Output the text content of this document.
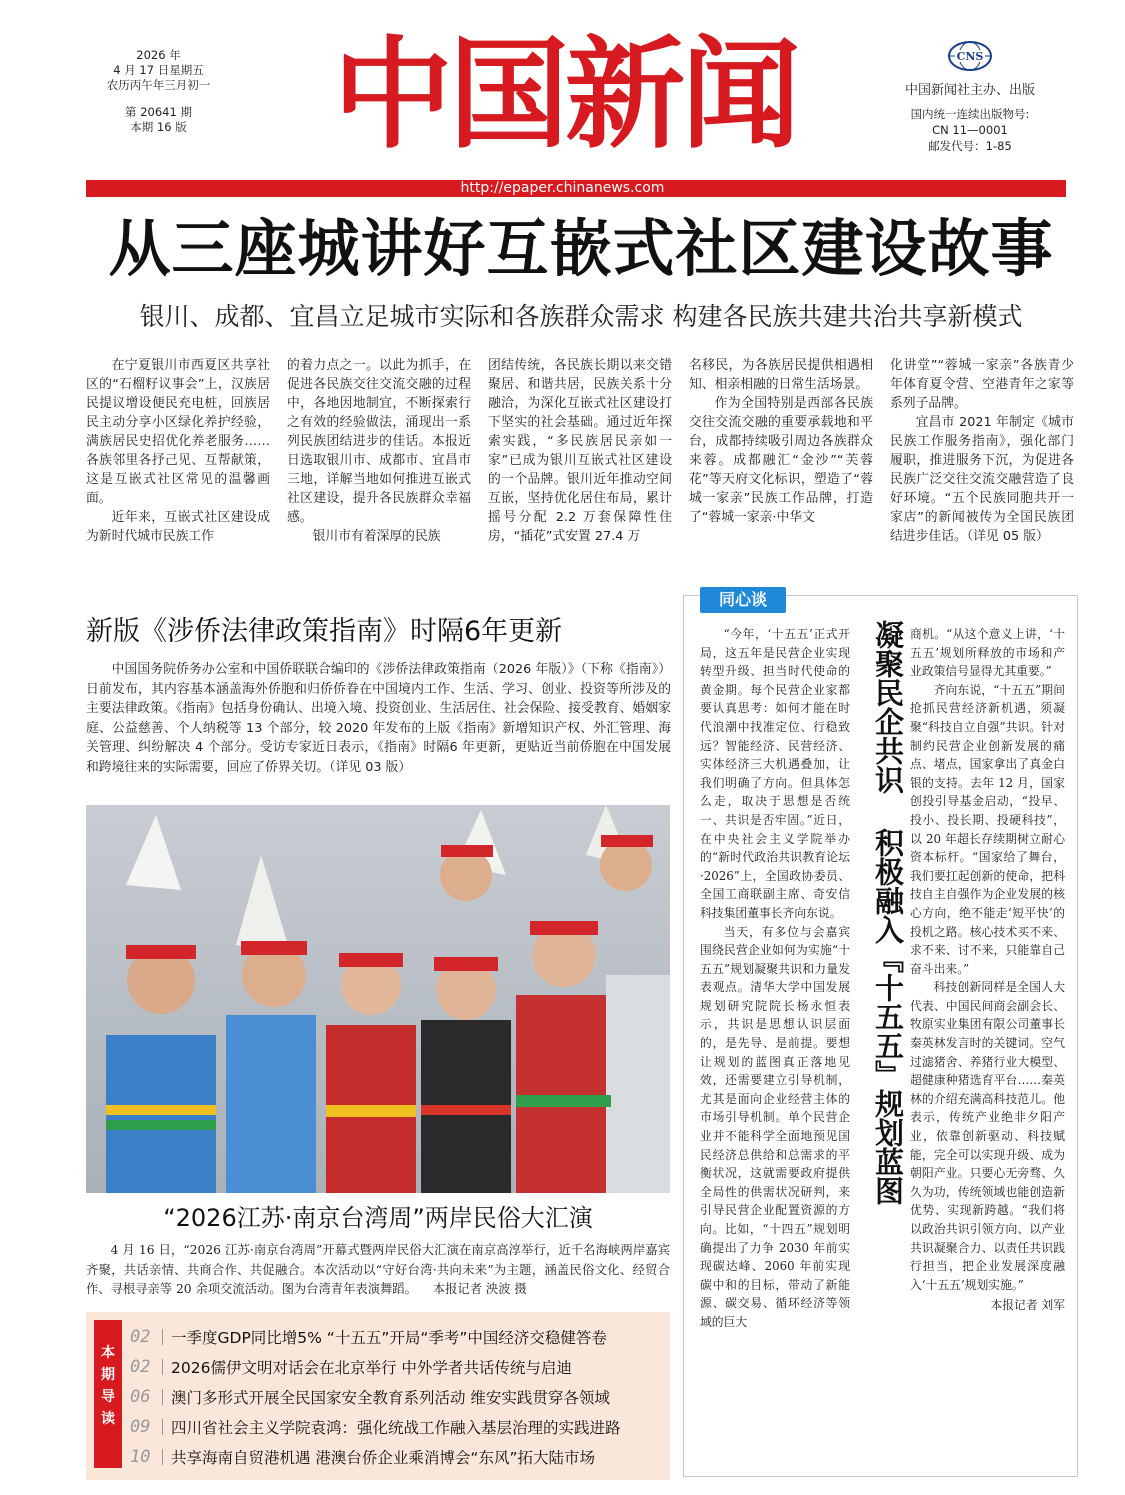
2026 年
4 月 17 日星期五
农历丙午年三月初一
第 20641 期
本期 16 版	中国新闻	CNS
中国新闻社主办、出版
国内统一连续出版物号:
CN 11—0001
邮发代号：1-85
http://epaper.chinanews.com
从三座城讲好互嵌式社区建设故事
银川、成都、宜昌立足城市实际和各族群众需求 构建各民族共建共治共享新模式

在宁夏银川市西夏区共享社区的“石榴籽议事会”上，汉族居民提议增设便民充电桩，回族居民主动分享小区绿化养护经验，满族居民史招优化养老服务……各族邻里各抒己见、互帮献策，这是互嵌式社区常见的温馨画面。

近年来，互嵌式社区建设成为新时代城市民族工作

的着力点之一。以此为抓手，在促进各民族交往交流交融的过程中，各地因地制宜，不断探索行之有效的经验做法，涌现出一系列民族团结进步的佳话。本报近日选取银川市、成都市、宜昌市三地，详解当地如何推进互嵌式社区建设，提升各民族群众幸福感。

银川市有着深厚的民族

团结传统，各民族长期以来交错聚居、和谐共居，民族关系十分融洽，为深化互嵌式社区建设打下坚实的社会基础。通过近年探索实践，“多民族居民亲如一家”已成为银川互嵌式社区建设的一个品牌。银川近年推动空间互嵌，坚持优化居住布局，累计摇号分配 2.2 万套保障性住房，“插花”式安置 27.4 万

名移民，为各族居民提供相遇相知、相亲相融的日常生活场景。

作为全国特别是西部各民族交往交流交融的重要承载地和平台，成都持续吸引周边各族群众来蓉。成都融汇“金沙”“芙蓉花”等天府文化标识，塑造了“蓉城一家亲”民族工作品牌，打造了“蓉城一家亲·中华文

化讲堂”“蓉城一家亲”各族青少年体育夏令营、空港青年之家等系列子品牌。

宜昌市 2021 年制定《城市民族工作服务指南》，强化部门履职，推进服务下沉，为促进各民族广泛交往交流交融营造了良好环境。“五个民族同胞共开一家店”的新闻被传为全国民族团结进步佳话。（详见 05 版）

新版《涉侨法律政策指南》时隔6年更新
中国国务院侨务办公室和中国侨联联合编印的《涉侨法律政策指南（2026 年版）》（下称《指南》）日前发布，其内容基本涵盖海外侨胞和归侨侨眷在中国境内工作、生活、学习、创业、投资等所涉及的主要法律政策。《指南》包括身份确认、出境入境、投资创业、生活居住、社会保险、接受教育、婚姻家庭、公益慈善、个人纳税等 13 个部分，较 2020 年发布的上版《指南》新增知识产权、外汇管理、海关管理、纠纷解决 4 个部分。受访专家近日表示，《指南》时隔6 年更新，更贴近当前侨胞在中国发展和跨境往来的实际需要，回应了侨界关切。（详见 03 版）
“2026江苏·南京台湾周”两岸民俗大汇演
4 月 16 日，“2026 江苏·南京台湾周”开幕式暨两岸民俗大汇演在南京高淳举行，近千名海峡两岸嘉宾齐聚，共话亲情、共商合作、共促融合。本次活动以“守好台湾·共向未来”为主题，涵盖民俗文化、经贸合作、寻根寻亲等 20 余项交流活动。图为台湾青年表演舞蹈。 本报记者 泱波 摄
本
期
导
读
02	一季度GDP同比增5% “十五五”开局“季考”中国经济交稳健答卷
02	2026儒伊文明对话会在北京举行 中外学者共话传统与启迪
06	澳门多形式开展全民国家安全教育系列活动 维安实践贯穿各领域
09	四川省社会主义学院袁鸿：强化统战工作融入基层治理的实践进路
10	共享海南自贸港机遇 港澳台侨企业乘消博会“东风”拓大陆市场
同心谈

“今年，‘十五五’正式开局，这五年是民营企业实现转型升级、担当时代使命的黄金期。每个民营企业家都要认真思考：如何才能在时代浪潮中找准定位、行稳致远？智能经济、民营经济、实体经济三大机遇叠加，让我们明确了方向。但具体怎么走，取决于思想是否统一、共识是否牢固。”近日，在中央社会主义学院举办的“新时代政治共识教育论坛·2026”上，全国政协委员、全国工商联副主席、奇安信科技集团董事长齐向东说。

当天，有多位与会嘉宾围绕民营企业如何为实施“十五五”规划凝聚共识和力量发表观点。清华大学中国发展规划研究院院长杨永恒表示，共识是思想认识层面的，是先导、是前提。要想让规划的蓝图真正落地见效，还需要建立引导机制，尤其是面向企业经营主体的市场引导机制。单个民营企业并不能科学全面地预见国民经济总供给和总需求的平衡状况，这就需要政府提供全局性的供需状况研判，来引导民营企业配置资源的方向。比如，“十四五”规划明确提出了力争 2030 年前实现碳达峰、2060 年前实现碳中和的目标，带动了新能源、碳交易、循环经济等领域的巨大

凝聚民企共识 积极融入『十五五』规划蓝图 商机。“从这个意义上讲，‘十五五’规划所释放的市场和产业政策信号显得尤其重要。”

齐向东说，“十五五”期间抢抓民营经济新机遇，须凝聚“科技自立自强”共识。针对制约民营企业创新发展的痛点、堵点，国家拿出了真金白银的支持。去年 12 月，国家创投引导基金启动，“投早、投小、投长期、投硬科技”，以 20 年超长存续期树立耐心资本标杆。“国家给了舞台，我们要扛起创新的使命，把科技自主自强作为企业发展的核心方向，绝不能走‘短平快’的投机之路。核心技术买不来、求不来、讨不来，只能靠自己奋斗出来。”

科技创新同样是全国人大代表、中国民间商会副会长、牧原实业集团有限公司董事长秦英林发言时的关键词。空气过滤猪舍、养猪行业大模型、超健康种猪选育平台……秦英林的介绍充满高科技范儿。他表示，传统产业绝非夕阳产业，依靠创新驱动、科技赋能，完全可以实现升级、成为朝阳产业。只要心无旁骛、久久为功，传统领域也能创造新优势、实现新跨越。“我们将以政治共识引领方向、以产业共识凝聚合力、以责任共识践行担当，把企业发展深度融入‘十五五’规划实施。”

本报记者 刘军
